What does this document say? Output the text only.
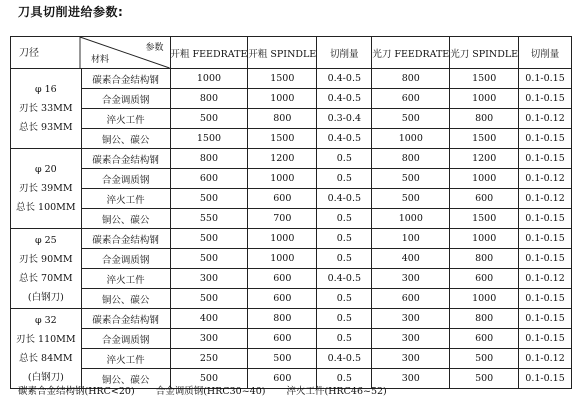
刀具切削进给参数:
刀径 参数
材料		开粗 FEEDRATE	开粗 SPINDLE	切削量	光刀 FEEDRATE	光刀 SPINDLE	切削量

φ 16
刃长 33MM
总长 93MM	碳素合金结构钢	1000	1500	0.4-0.5	800	1500	0.1-0.15
	合金调质钢	800	1000	0.4-0.5	600	1000	0.1-0.15
	淬火工件	500	800	0.3-0.4	500	800	0.1-0.12
	铜公、碳公	1500	1500	0.4-0.5	1000	1500	0.1-0.15

φ 20
刃长 39MM
总长 100MM	碳素合金结构钢	800	1200	0.5	800	1200	0.1-0.15
	合金调质钢	600	1000	0.5	500	1000	0.1-0.12
	淬火工件	500	600	0.4-0.5	500	600	0.1-0.12
	铜公、碳公	550	700	0.5	1000	1500	0.1-0.15

φ 25
刃长 90MM
总长 70MM
(白钢刀)	碳素合金结构钢	500	1000	0.5	100	1000	0.1-0.15
	合金调质钢	500	1000	0.5	400	800	0.1-0.15
	淬火工件	300	600	0.4-0.5	300	600	0.1-0.12
	铜公、碳公	500	600	0.5	600	1000	0.1-0.15

φ 32
刃长 110MM
总长 84MM
(白钢刀)	碳素合金结构钢	400	800	0.5	300	800	0.1-0.15
	合金调质钢	300	600	0.5	300	600	0.1-0.15
	淬火工件	250	500	0.4-0.5	300	500	0.1-0.12
	铜公、碳公	500	600	0.5	300	500	0.1-0.15
碳素合金结构钢(HRC<20) 合金调质钢(HRC30~40) 淬火工件(HRC46~52)
